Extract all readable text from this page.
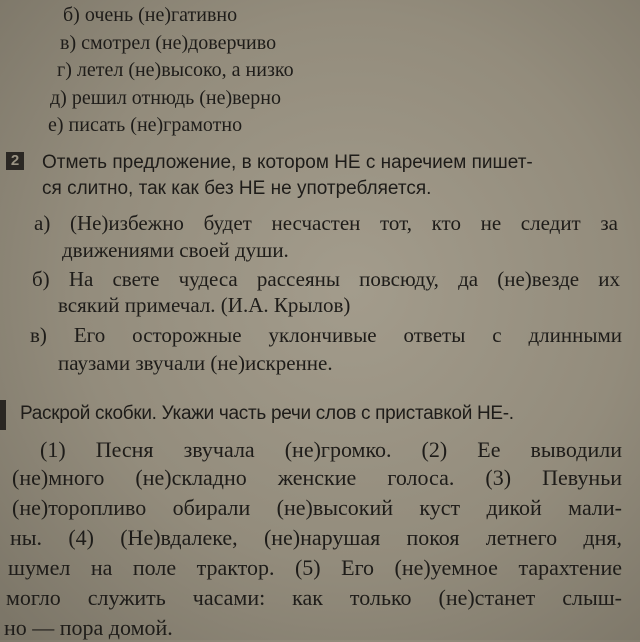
б) очень (не)гативно
в) смотрел (не)доверчиво
г) летел (не)высоко, а низко
д) решил отнюдь (не)верно
е) писать (не)грамотно
2 Отметь предложение, в котором НЕ с наречием пишет-
ся слитно, так как без НЕ не употребляется.
а) (Не)избежно будет несчастен тот, кто не следит за
движениями своей души.
б) На свете чудеса рассеяны повсюду, да (не)везде их
всякий примечал. (И.А. Крылов)
в) Его осторожные уклончивые ответы с длинными
паузами звучали (не)искренне.
Раскрой скобки. Укажи часть речи слов с приставкой НЕ-.
(1) Песня звучала (не)громко. (2) Ее выводили
(не)много (не)складно женские голоса. (3) Певуньи
(не)торопливо обирали (не)высокий куст дикой мали-
ны. (4) (Не)вдалеке, (не)нарушая покоя летнего дня,
шумел на поле трактор. (5) Его (не)уемное тарахтение
могло служить часами: как только (не)станет слыш-
но — пора домой.
